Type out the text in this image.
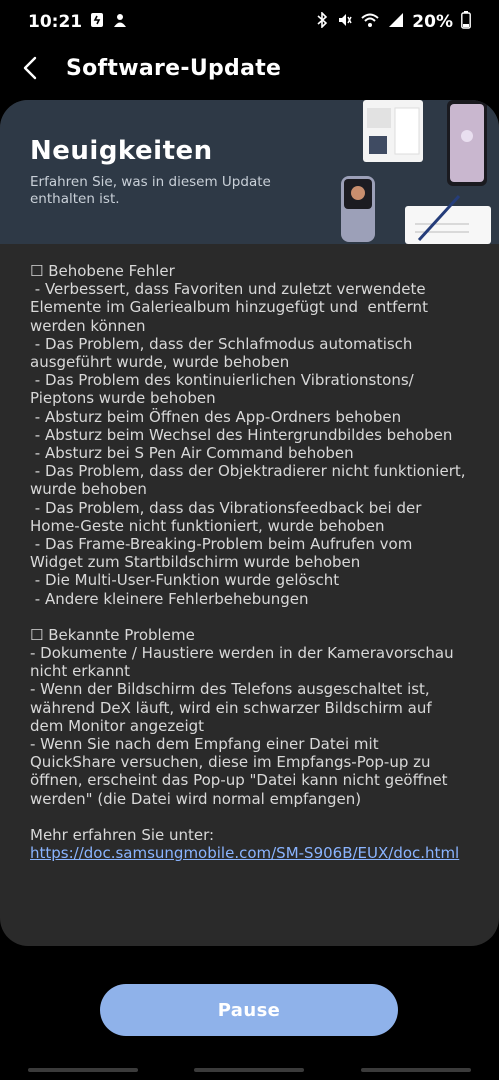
10:21	20%
Software-Update
Neuigkeiten
Erfahren Sie, was in diesem Update enthalten ist.
☐ Behobene Fehler
- Verbessert, dass Favoriten und zuletzt verwendete Elemente im Galeriealbum hinzugefügt und  entfernt werden können
- Das Problem, dass der Schlafmodus automatisch ausgeführt wurde, wurde behoben
- Das Problem des kontinuierlichen Vibrationstons/ Pieptons wurde behoben
- Absturz beim Öffnen des App-Ordners behoben
- Absturz beim Wechsel des Hintergrundbildes behoben
- Absturz bei S Pen Air Command behoben
- Das Problem, dass der Objektradierer nicht funktioniert, wurde behoben
- Das Problem, dass das Vibrationsfeedback bei der Home-Geste nicht funktioniert, wurde behoben
- Das Frame-Breaking-Problem beim Aufrufen vom Widget zum Startbildschirm wurde behoben
- Die Multi-User-Funktion wurde gelöscht
- Andere kleinere Fehlerbehebungen
☐ Bekannte Probleme
- Dokumente / Haustiere werden in der Kameravorschau nicht erkannt
- Wenn der Bildschirm des Telefons ausgeschaltet ist, während DeX läuft, wird ein schwarzer Bildschirm auf dem Monitor angezeigt
- Wenn Sie nach dem Empfang einer Datei mit QuickShare versuchen, diese im Empfangs-Pop-up zu öffnen, erscheint das Pop-up "Datei kann nicht geöffnet werden" (die Datei wird normal empfangen)
Mehr erfahren Sie unter:
https://doc.samsungmobile.com/SM-S906B/EUX/doc.html
Pause
